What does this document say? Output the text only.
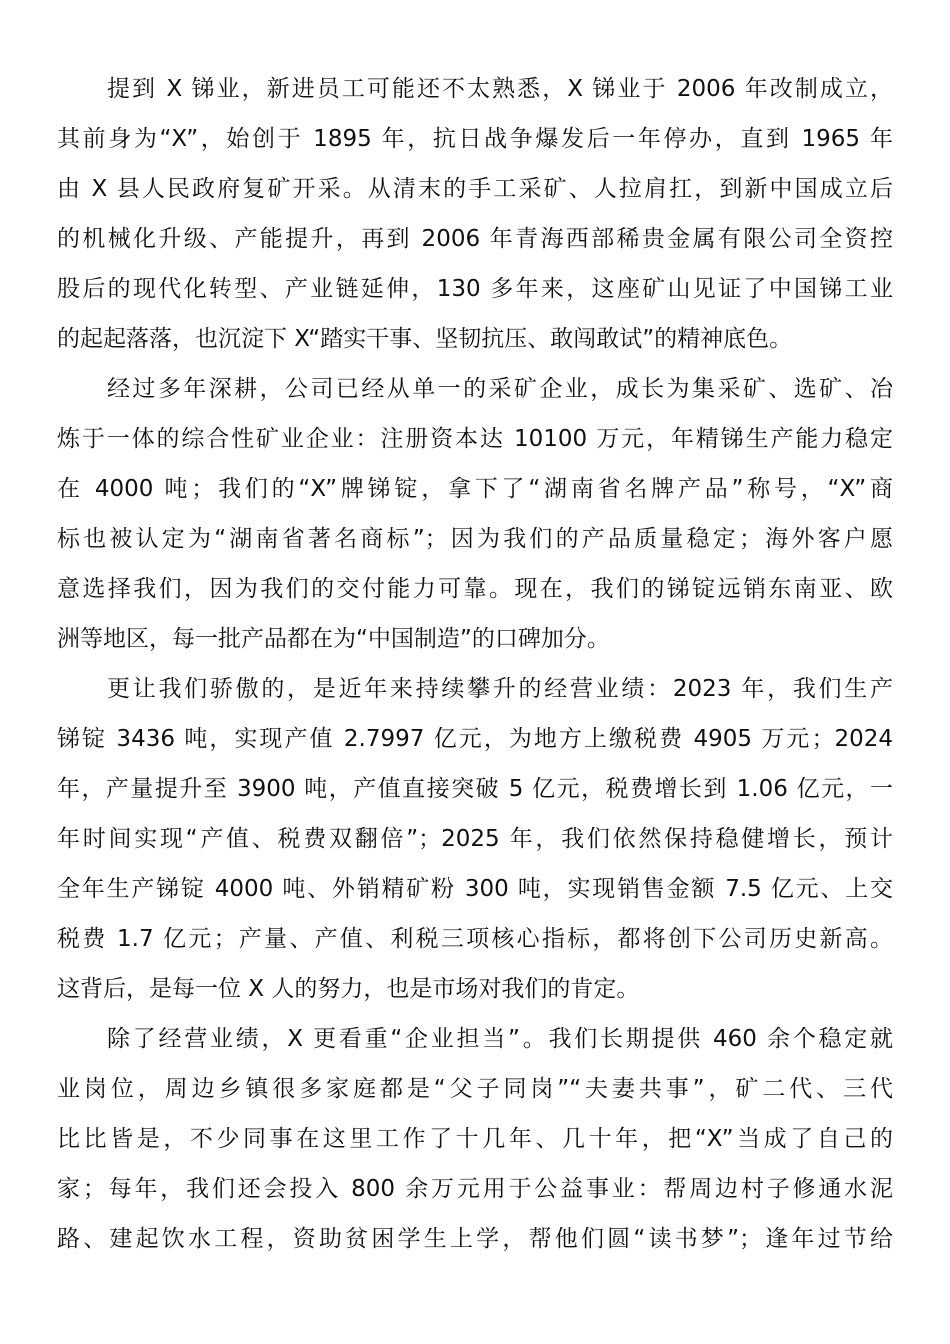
提到 X 锑业，新进员工可能还不太熟悉，X 锑业于 2006 年改制成立，
其前身为“X”，始创于 1895 年，抗日战争爆发后一年停办，直到 1965 年
由 X 县人民政府复矿开采。从清末的手工采矿、人拉肩扛，到新中国成立后
的机械化升级、产能提升，再到 2006 年青海西部稀贵金属有限公司全资控
股后的现代化转型、产业链延伸，130 多年来，这座矿山见证了中国锑工业
的起起落落，也沉淀下 X“踏实干事、坚韧抗压、敢闯敢试”的精神底色。
经过多年深耕，公司已经从单一的采矿企业，成长为集采矿、选矿、冶
炼于一体的综合性矿业企业：注册资本达 10100 万元，年精锑生产能力稳定
在 4000 吨；我们的“X”牌锑锭，拿下了“湖南省名牌产品”称号，“X”商
标也被认定为“湖南省著名商标”；因为我们的产品质量稳定；海外客户愿
意选择我们，因为我们的交付能力可靠。现在，我们的锑锭远销东南亚、欧
洲等地区，每一批产品都在为“中国制造”的口碑加分。
更让我们骄傲的，是近年来持续攀升的经营业绩：2023 年，我们生产
锑锭 3436 吨，实现产值 2.7997 亿元，为地方上缴税费 4905 万元；2024
年，产量提升至 3900 吨，产值直接突破 5 亿元，税费增长到 1.06 亿元，一
年时间实现“产值、税费双翻倍”；2025 年，我们依然保持稳健增长，预计
全年生产锑锭 4000 吨、外销精矿粉 300 吨，实现销售金额 7.5 亿元、上交
税费 1.7 亿元；产量、产值、利税三项核心指标，都将创下公司历史新高。
这背后，是每一位 X 人的努力，也是市场对我们的肯定。
除了经营业绩，X 更看重“企业担当”。我们长期提供 460 余个稳定就
业岗位，周边乡镇很多家庭都是“父子同岗”“夫妻共事”，矿二代、三代
比比皆是，不少同事在这里工作了十几年、几十年，把“X”当成了自己的
家；每年，我们还会投入 800 余万元用于公益事业：帮周边村子修通水泥
路、建起饮水工程，资助贫困学生上学，帮他们圆“读书梦”；逢年过节给
